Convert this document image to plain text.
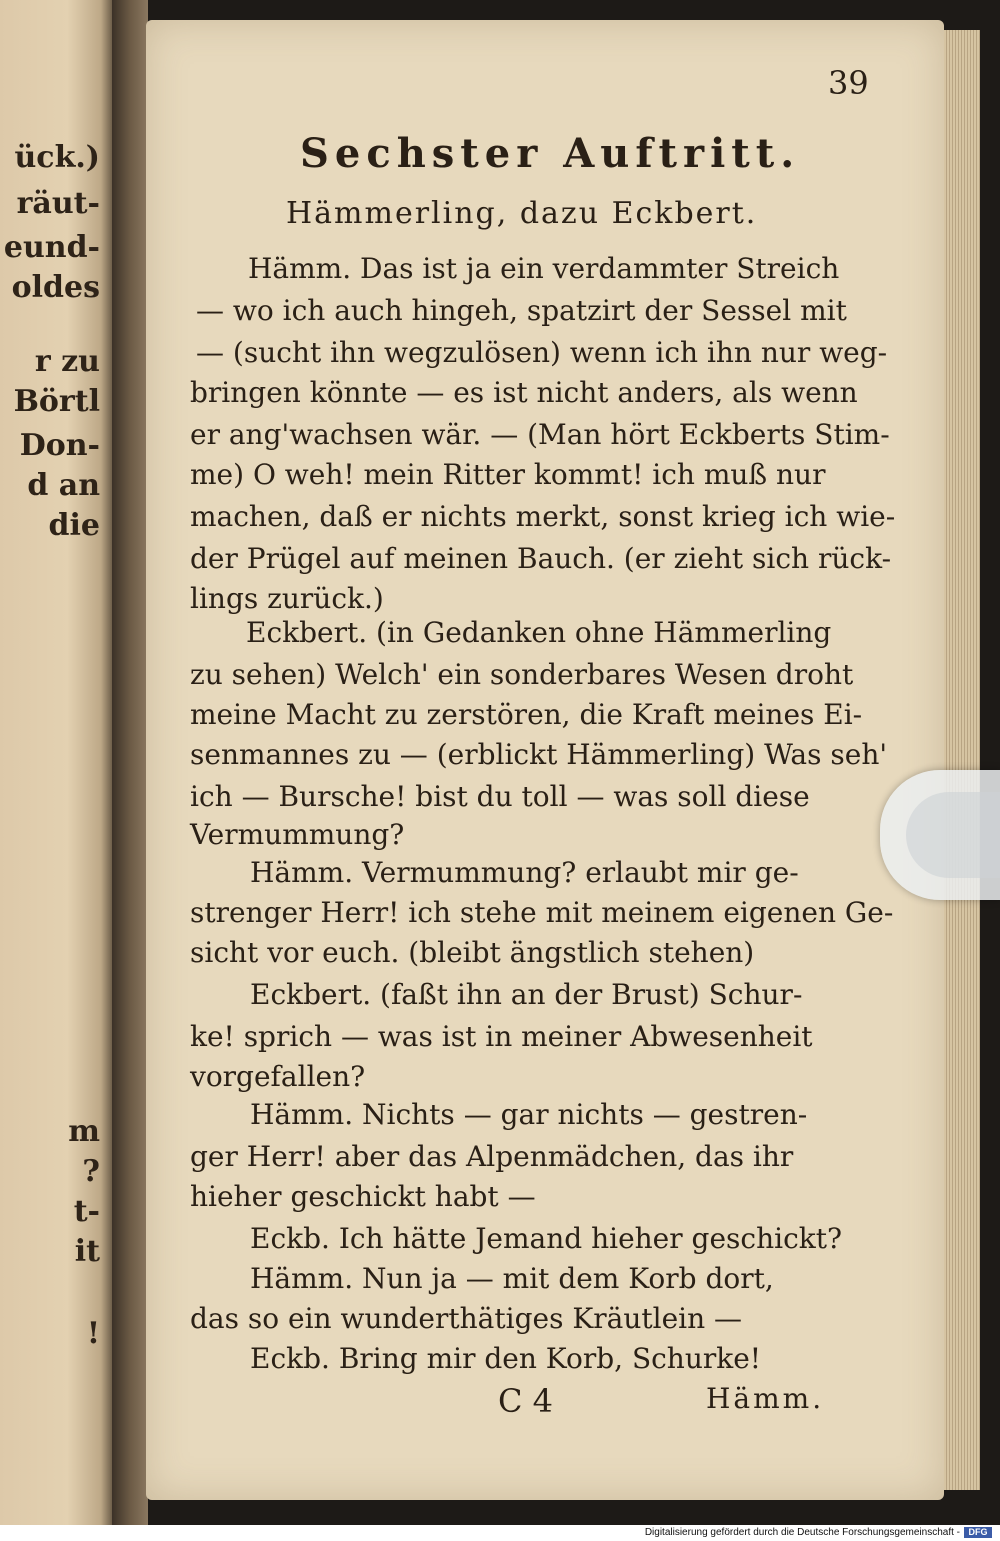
ück.)
räut-
eund-
oldes
r zu
Börtl
Don-
d an
die
m
?
t-
it
!
39
Sechster Auftritt.
Hämmerling, dazu Eckbert.
Hämm. Das ist ja ein verdammter Streich
— wo ich auch hingeh, spatzirt der Sessel mit
— (sucht ihn wegzulösen) wenn ich ihn nur weg-
bringen könnte — es ist nicht anders, als wenn
er ang'wachsen wär. — (Man hört Eckberts Stim-
me) O weh! mein Ritter kommt! ich muß nur
machen, daß er nichts merkt, sonst krieg ich wie-
der Prügel auf meinen Bauch. (er zieht sich rück-
lings zurück.)
Eckbert. (in Gedanken ohne Hämmerling
zu sehen) Welch' ein sonderbares Wesen droht
meine Macht zu zerstören, die Kraft meines Ei-
senmannes zu — (erblickt Hämmerling) Was seh'
ich — Bursche! bist du toll — was soll diese
Vermummung?
Hämm. Vermummung? erlaubt mir ge-
strenger Herr! ich stehe mit meinem eigenen Ge-
sicht vor euch. (bleibt ängstlich stehen)
Eckbert. (faßt ihn an der Brust) Schur-
ke! sprich — was ist in meiner Abwesenheit
vorgefallen?
Hämm. Nichts — gar nichts — gestren-
ger Herr! aber das Alpenmädchen, das ihr
hieher geschickt habt —
Eckb. Ich hätte Jemand hieher geschickt?
Hämm. Nun ja — mit dem Korb dort,
das so ein wunderthätiges Kräutlein —
Eckb. Bring mir den Korb, Schurke!
C 4	Hämm.
Digitalisierung gefördert durch die Deutsche Forschungsgemeinschaft - DFG
